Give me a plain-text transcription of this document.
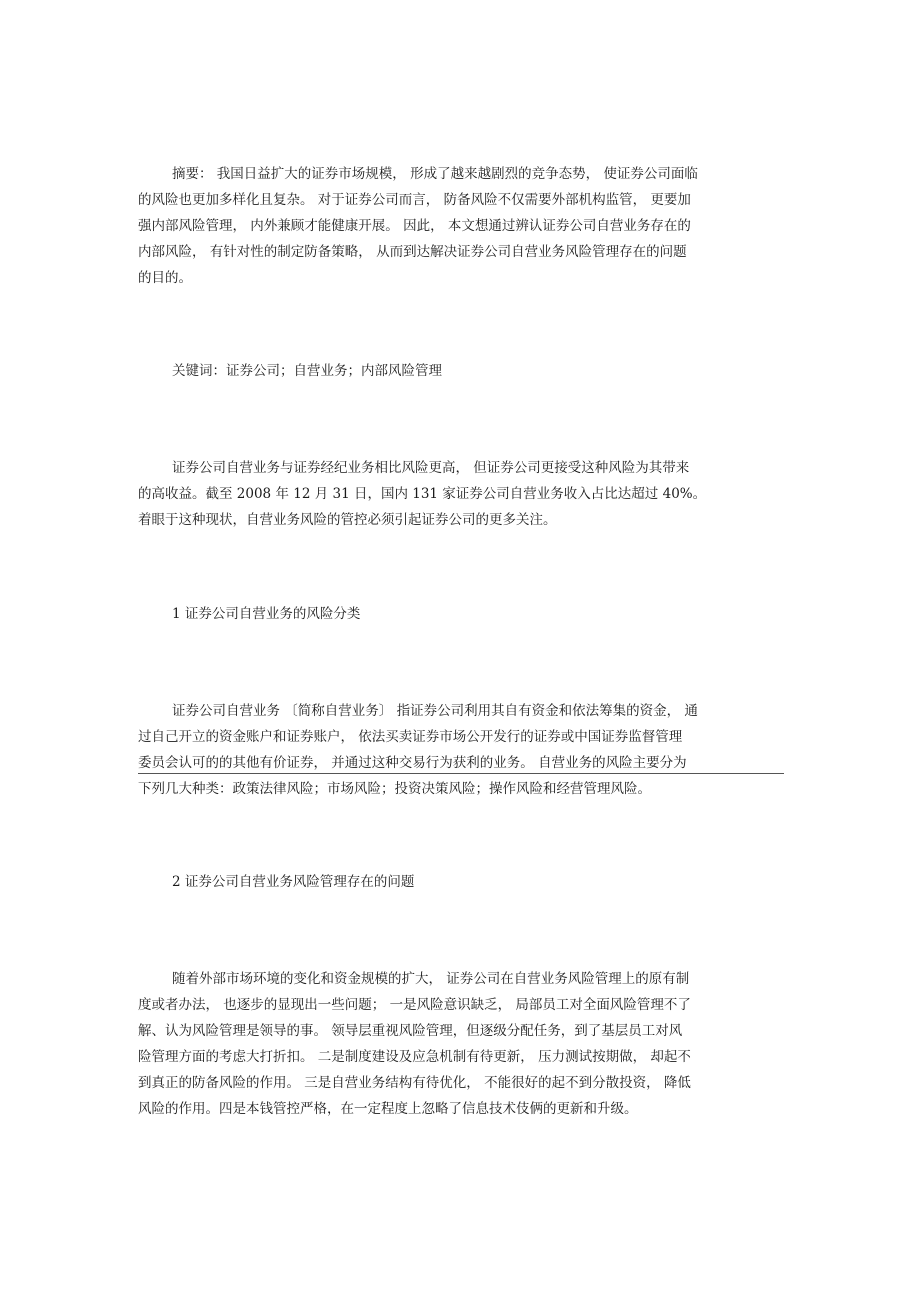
摘要： 我国日益扩大的证券市场规模， 形成了越来越剧烈的竞争态势， 使证券公司面临
的风险也更加多样化且复杂。 对于证券公司而言， 防备风险不仅需要外部机构监管， 更要加
强内部风险管理， 内外兼顾才能健康开展。 因此， 本文想通过辨认证券公司自营业务存在的
内部风险， 有针对性的制定防备策略， 从而到达解决证券公司自营业务风险管理存在的问题
的目的。
关键词：证券公司；自营业务；内部风险管理
证券公司自营业务与证券经纪业务相比风险更高， 但证券公司更接受这种风险为其带来
的高收益。截至 2008 年 12 月 31 日，国内 131 家证券公司自营业务收入占比达超过 40%。
着眼于这种现状，自营业务风险的管控必须引起证券公司的更多关注。
1 证券公司自营业务的风险分类
证券公司自营业务 〔简称自营业务〕 指证券公司利用其自有资金和依法筹集的资金， 通
过自己开立的资金账户和证券账户， 依法买卖证券市场公开发行的证券或中国证券监督管理
委员会认可的的其他有价证券， 并通过这种交易行为获利的业务。 自营业务的风险主要分为
下列几大种类：政策法律风险；市场风险；投资决策风险；操作风险和经营管理风险。
2 证券公司自营业务风险管理存在的问题
随着外部市场环境的变化和资金规模的扩大， 证券公司在自营业务风险管理上的原有制
度或者办法， 也逐步的显现出一些问题； 一是风险意识缺乏， 局部员工对全面风险管理不了
解、认为风险管理是领导的事。 领导层重视风险管理，但逐级分配任务，到了基层员工对风
险管理方面的考虑大打折扣。 二是制度建设及应急机制有待更新， 压力测试按期做， 却起不
到真正的防备风险的作用。 三是自营业务结构有待优化， 不能很好的起不到分散投资， 降低
风险的作用。四是本钱管控严格，在一定程度上忽略了信息技术伎俩的更新和升级。
